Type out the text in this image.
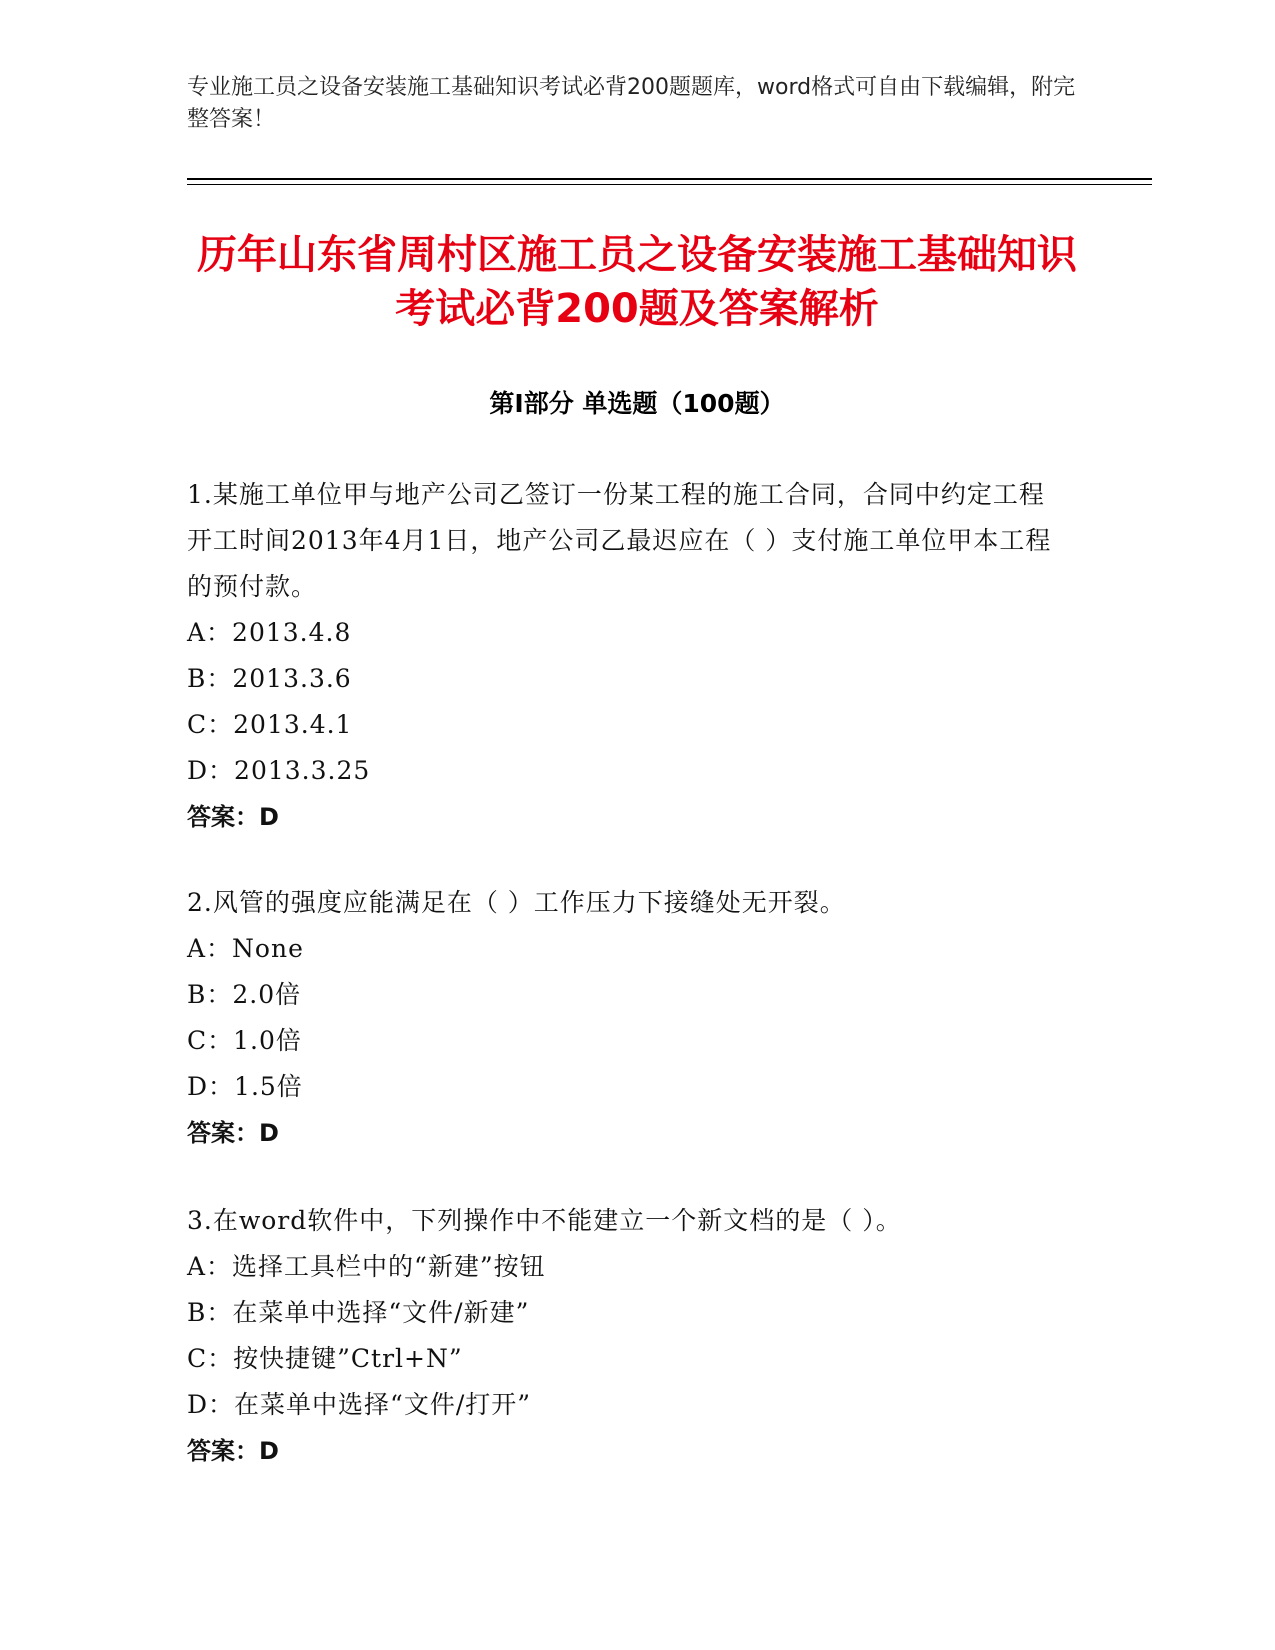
专业施工员之设备安装施工基础知识考试必背200题题库，word格式可自由下载编辑，附完整答案！
历年山东省周村区施工员之设备安装施工基础知识考试必背200题及答案解析
第Ⅰ部分 单选题（100题）
1.某施工单位甲与地产公司乙签订一份某工程的施工合同，合同中约定工程开工时间2013年4月1日，地产公司乙最迟应在（ ）支付施工单位甲本工程的预付款。
A：2013.4.8
B：2013.3.6
C：2013.4.1
D：2013.3.25
答案：D
2.风管的强度应能满足在（ ）工作压力下接缝处无开裂。
A：None
B：2.0倍
C：1.0倍
D：1.5倍
答案：D
3.在word软件中，下列操作中不能建立一个新文档的是（ ）。
A：选择工具栏中的“新建”按钮
B：在菜单中选择“文件/新建”
C：按快捷键”Ctrl+N”
D：在菜单中选择“文件/打开”
答案：D
